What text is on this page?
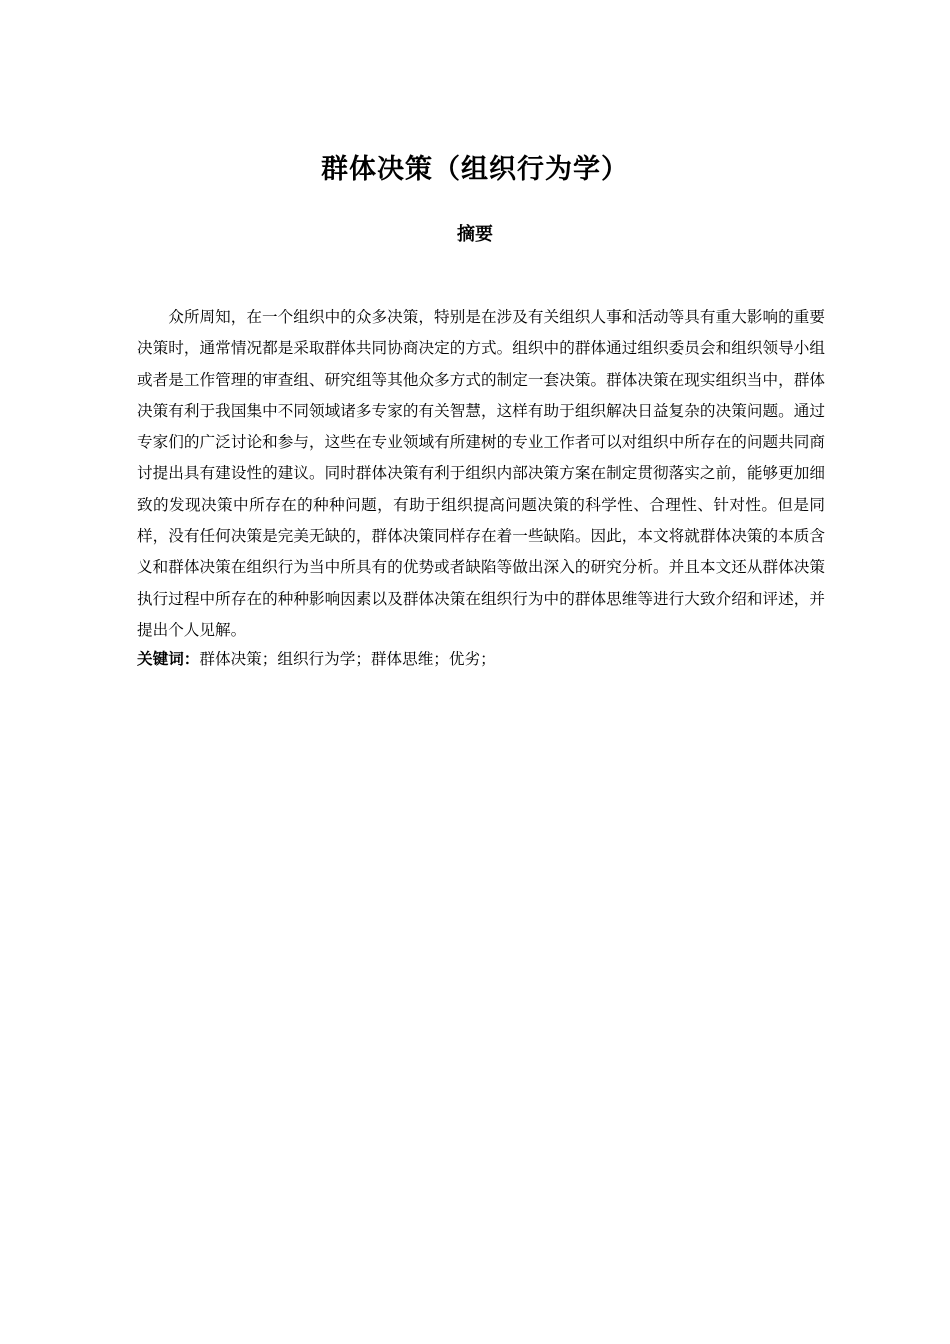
群体决策（组织行为学）
摘要

众所周知，在一个组织中的众多决策，特别是在涉及有关组织人事和活动等具有重大影响的重要决策时，通常情况都是采取群体共同协商决定的方式。组织中的群体通过组织委员会和组织领导小组或者是工作管理的审查组、研究组等其他众多方式的制定一套决策。群体决策在现实组织当中，群体决策有利于我国集中不同领域诸多专家的有关智慧，这样有助于组织解决日益复杂的决策问题。通过专家们的广泛讨论和参与，这些在专业领域有所建树的专业工作者可以对组织中所存在的问题共同商讨提出具有建设性的建议。同时群体决策有利于组织内部决策方案在制定贯彻落实之前，能够更加细致的发现决策中所存在的种种问题，有助于组织提高问题决策的科学性、合理性、针对性。但是同样，没有任何决策是完美无缺的，群体决策同样存在着一些缺陷。因此，本文将就群体决策的本质含义和群体决策在组织行为当中所具有的优势或者缺陷等做出深入的研究分析。并且本文还从群体决策执行过程中所存在的种种影响因素以及群体决策在组织行为中的群体思维等进行大致介绍和评述，并提出个人见解。

关键词：群体决策；组织行为学；群体思维；优劣；
